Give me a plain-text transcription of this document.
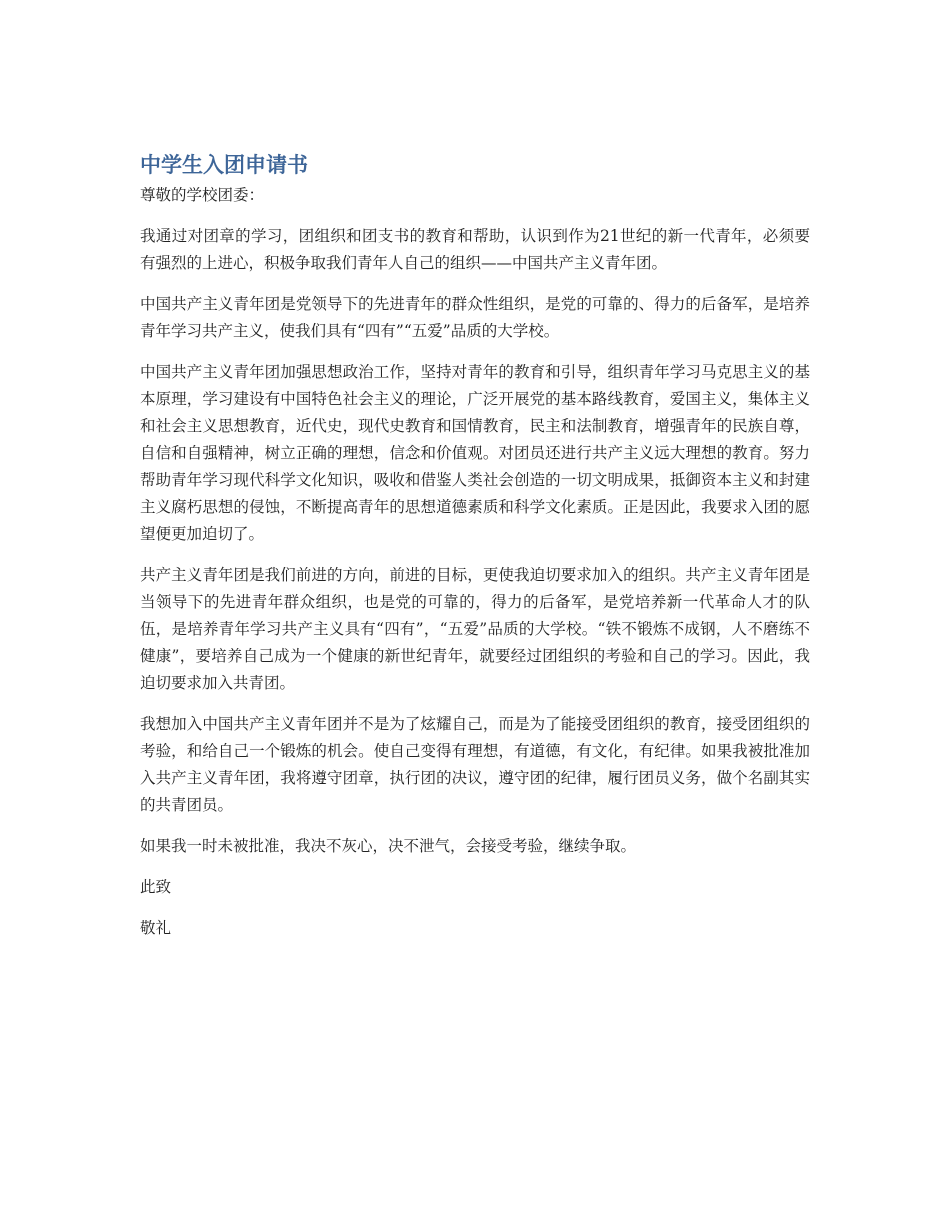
中学生入团申请书

尊敬的学校团委：

我通过对团章的学习，团组织和团支书的教育和帮助，认识到作为21世纪的新一代青年，必须要有强烈的上进心，积极争取我们青年人自己的组织——中国共产主义青年团。

中国共产主义青年团是党领导下的先进青年的群众性组织，是党的可靠的、得力的后备军，是培养青年学习共产主义，使我们具有“四有”“五爱”品质的大学校。

中国共产主义青年团加强思想政治工作，坚持对青年的教育和引导，组织青年学习马克思主义的基本原理，学习建设有中国特色社会主义的理论，广泛开展党的基本路线教育，爱国主义，集体主义和社会主义思想教育，近代史，现代史教育和国情教育，民主和法制教育，增强青年的民族自尊，自信和自强精神，树立正确的理想，信念和价值观。对团员还进行共产主义远大理想的教育。努力帮助青年学习现代科学文化知识，吸收和借鉴人类社会创造的一切文明成果，抵御资本主义和封建主义腐朽思想的侵蚀，不断提高青年的思想道德素质和科学文化素质。正是因此，我要求入团的愿望便更加迫切了。

共产主义青年团是我们前进的方向，前进的目标，更使我迫切要求加入的组织。共产主义青年团是当领导下的先进青年群众组织，也是党的可靠的，得力的后备军，是党培养新一代革命人才的队伍，是培养青年学习共产主义具有“四有”，“五爱”品质的大学校。“铁不锻炼不成钢，人不磨练不健康”，要培养自己成为一个健康的新世纪青年，就要经过团组织的考验和自己的学习。因此，我迫切要求加入共青团。

我想加入中国共产主义青年团并不是为了炫耀自己，而是为了能接受团组织的教育，接受团组织的考验，和给自己一个锻炼的机会。使自己变得有理想，有道德，有文化，有纪律。如果我被批准加入共产主义青年团，我将遵守团章，执行团的决议，遵守团的纪律，履行团员义务，做个名副其实的共青团员。

如果我一时未被批准，我决不灰心，决不泄气，会接受考验，继续争取。

此致

敬礼
